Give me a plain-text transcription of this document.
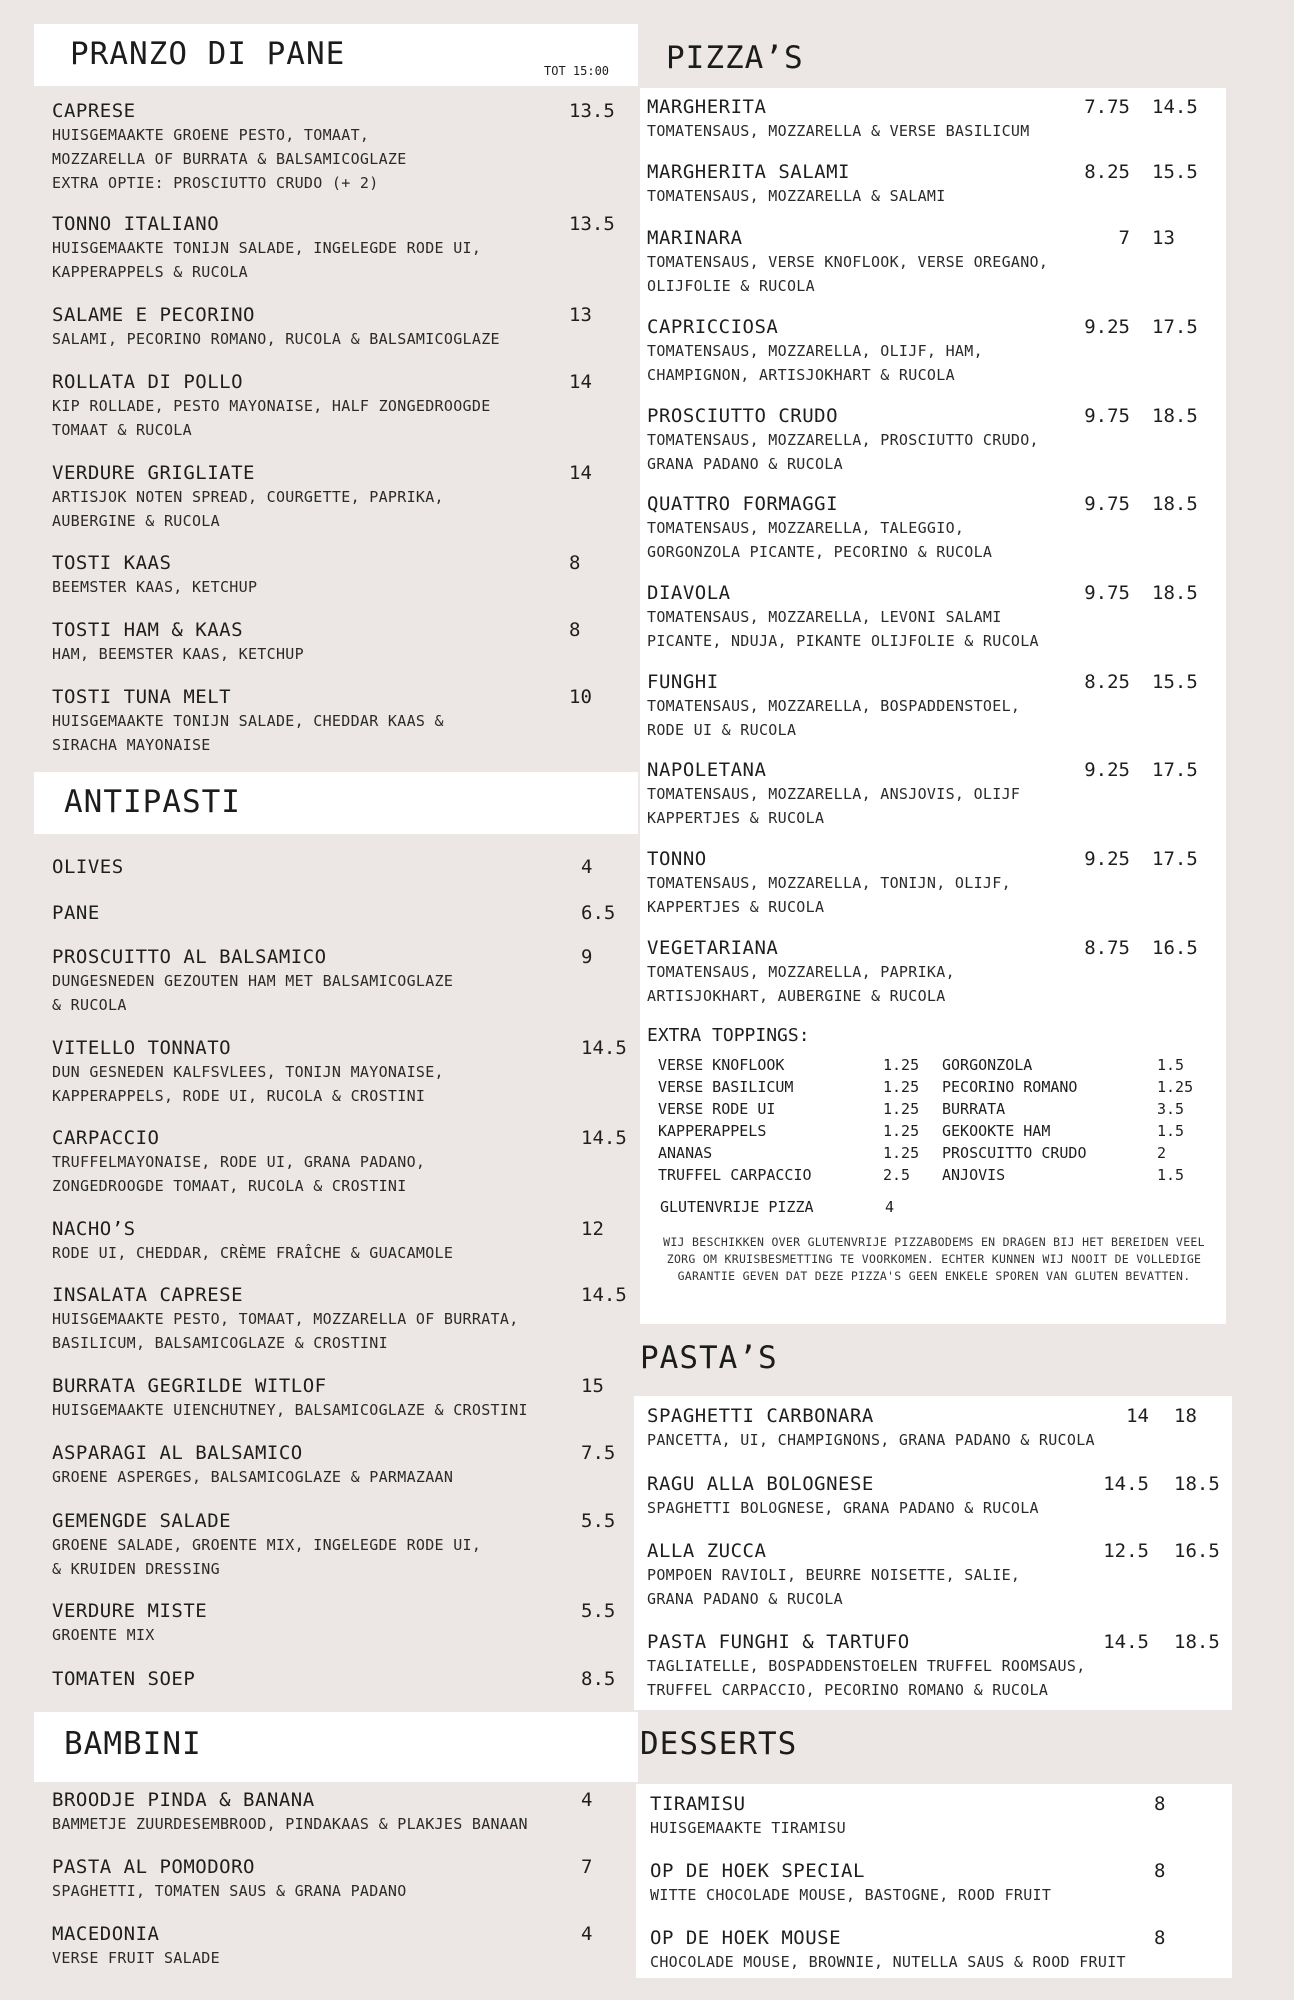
PRANZO DI PANE	TOT 15:00
CAPRESE
HUISGEMAAKTE GROENE PESTO, TOMAAT,
MOZZARELLA OF BURRATA & BALSAMICOGLAZE
EXTRA OPTIE: PROSCIUTTO CRUDO (+ 2)
13.5
TONNO ITALIANO
HUISGEMAAKTE TONIJN SALADE, INGELEGDE RODE UI,
KAPPERAPPELS & RUCOLA
13.5
SALAME E PECORINO
SALAMI, PECORINO ROMANO, RUCOLA & BALSAMICOGLAZE
13
ROLLATA DI POLLO
KIP ROLLADE, PESTO MAYONAISE, HALF ZONGEDROOGDE
TOMAAT & RUCOLA
14
VERDURE GRIGLIATE
ARTISJOK NOTEN SPREAD, COURGETTE, PAPRIKA,
AUBERGINE & RUCOLA
14
TOSTI KAAS
BEEMSTER KAAS, KETCHUP
8
TOSTI HAM & KAAS
HAM, BEEMSTER KAAS, KETCHUP
8
TOSTI TUNA MELT
HUISGEMAAKTE TONIJN SALADE, CHEDDAR KAAS &
SIRACHA MAYONAISE
10
ANTIPASTI
OLIVES	4
PANE	6.5
PROSCUITTO AL BALSAMICO
DUNGESNEDEN GEZOUTEN HAM MET BALSAMICOGLAZE
& RUCOLA
9
VITELLO TONNATO
DUN GESNEDEN KALFSVLEES, TONIJN MAYONAISE,
KAPPERAPPELS, RODE UI, RUCOLA & CROSTINI
14.5
CARPACCIO
TRUFFELMAYONAISE, RODE UI, GRANA PADANO,
ZONGEDROOGDE TOMAAT, RUCOLA & CROSTINI
14.5
NACHO’S
RODE UI, CHEDDAR, CRÈME FRAÎCHE & GUACAMOLE
12
INSALATA CAPRESE
HUISGEMAAKTE PESTO, TOMAAT, MOZZARELLA OF BURRATA,
BASILICUM, BALSAMICOGLAZE & CROSTINI
14.5
BURRATA GEGRILDE WITLOF
HUISGEMAAKTE UIENCHUTNEY, BALSAMICOGLAZE & CROSTINI
15
ASPARAGI AL BALSAMICO
GROENE ASPERGES, BALSAMICOGLAZE & PARMAZAAN
7.5
GEMENGDE SALADE
GROENE SALADE, GROENTE MIX, INGELEGDE RODE UI,
& KRUIDEN DRESSING
5.5
VERDURE MISTE
GROENTE MIX
5.5
TOMATEN SOEP	8.5
BAMBINI
BROODJE PINDA & BANANA
BAMMETJE ZUURDESEMBROOD, PINDAKAAS & PLAKJES BANAAN
4
PASTA AL POMODORO
SPAGHETTI, TOMATEN SAUS & GRANA PADANO
7
MACEDONIA
VERSE FRUIT SALADE
4
PIZZA’S
MARGHERITA
TOMATENSAUS, MOZZARELLA & VERSE BASILICUM
7.75 14.5
MARGHERITA SALAMI
TOMATENSAUS, MOZZARELLA & SALAMI
8.25 15.5
MARINARA
TOMATENSAUS, VERSE KNOFLOOK, VERSE OREGANO,
OLIJFOLIE & RUCOLA
7 13
CAPRICCIOSA
TOMATENSAUS, MOZZARELLA, OLIJF, HAM,
CHAMPIGNON, ARTISJOKHART & RUCOLA
9.25 17.5
PROSCIUTTO CRUDO
TOMATENSAUS, MOZZARELLA, PROSCIUTTO CRUDO,
GRANA PADANO & RUCOLA
9.75 18.5
QUATTRO FORMAGGI
TOMATENSAUS, MOZZARELLA, TALEGGIO,
GORGONZOLA PICANTE, PECORINO & RUCOLA
9.75 18.5
DIAVOLA
TOMATENSAUS, MOZZARELLA, LEVONI SALAMI
PICANTE, NDUJA, PIKANTE OLIJFOLIE & RUCOLA
9.75 18.5
FUNGHI
TOMATENSAUS, MOZZARELLA, BOSPADDENSTOEL,
RODE UI & RUCOLA
8.25 15.5
NAPOLETANA
TOMATENSAUS, MOZZARELLA, ANSJOVIS, OLIJF
KAPPERTJES & RUCOLA
9.25 17.5
TONNO
TOMATENSAUS, MOZZARELLA, TONIJN, OLIJF,
KAPPERTJES & RUCOLA
9.25 17.5
VEGETARIANA
TOMATENSAUS, MOZZARELLA, PAPRIKA,
ARTISJOKHART, AUBERGINE & RUCOLA
8.75 16.5
EXTRA TOPPINGS:
VERSE KNOFLOOK	1.25
VERSE BASILICUM	1.25
VERSE RODE UI	1.25
KAPPERAPPELS	1.25
ANANAS	1.25
TRUFFEL CARPACCIO	2.5
GORGONZOLA	1.5
PECORINO ROMANO	1.25
BURRATA	3.5
GEKOOKTE HAM	1.5
PROSCUITTO CRUDO	2
ANJOVIS	1.5
GLUTENVRIJE PIZZA	4
WIJ BESCHIKKEN OVER GLUTENVRIJE PIZZABODEMS EN DRAGEN BIJ HET BEREIDEN VEEL ZORG OM KRUISBESMETTING TE VOORKOMEN. ECHTER KUNNEN WIJ NOOIT DE VOLLEDIGE GARANTIE GEVEN DAT DEZE PIZZA'S GEEN ENKELE SPOREN VAN GLUTEN BEVATTEN.
PASTA’S
SPAGHETTI CARBONARA
PANCETTA, UI, CHAMPIGNONS, GRANA PADANO & RUCOLA
14 18
RAGU ALLA BOLOGNESE
SPAGHETTI BOLOGNESE, GRANA PADANO & RUCOLA
14.5 18.5
ALLA ZUCCA
POMPOEN RAVIOLI, BEURRE NOISETTE, SALIE,
GRANA PADANO & RUCOLA
12.5 16.5
PASTA FUNGHI & TARTUFO
TAGLIATELLE, BOSPADDENSTOELEN TRUFFEL ROOMSAUS,
TRUFFEL CARPACCIO, PECORINO ROMANO & RUCOLA
14.5 18.5
DESSERTS
TIRAMISU
HUISGEMAAKTE TIRAMISU
8
OP DE HOEK SPECIAL
WITTE CHOCOLADE MOUSE, BASTOGNE, ROOD FRUIT
8
OP DE HOEK MOUSE
CHOCOLADE MOUSE, BROWNIE, NUTELLA SAUS & ROOD FRUIT
8
